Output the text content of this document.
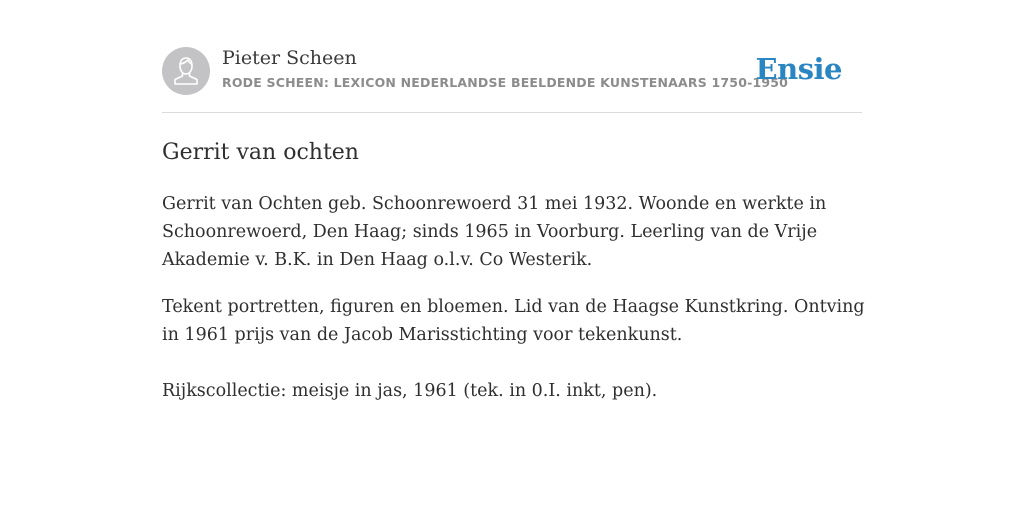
Pieter Scheen
RODE SCHEEN: LEXICON NEDERLANDSE BEELDENDE KUNSTENAARS 1750-1950
Ensie
Gerrit van ochten

Gerrit van Ochten geb. Schoonrewoerd 31 mei 1932. Woonde en werkte in Schoonrewoerd, Den Haag; sinds 1965 in Voorburg. Leerling van de Vrije Akademie v. B.K. in Den Haag o.l.v. Co Westerik.

Tekent portretten, figuren en bloemen. Lid van de Haagse Kunstkring. Ontving in 1961 prijs van de Jacob Marisstichting voor tekenkunst.

Rijkscollectie: meisje in jas, 1961 (tek. in 0.I. inkt, pen).
